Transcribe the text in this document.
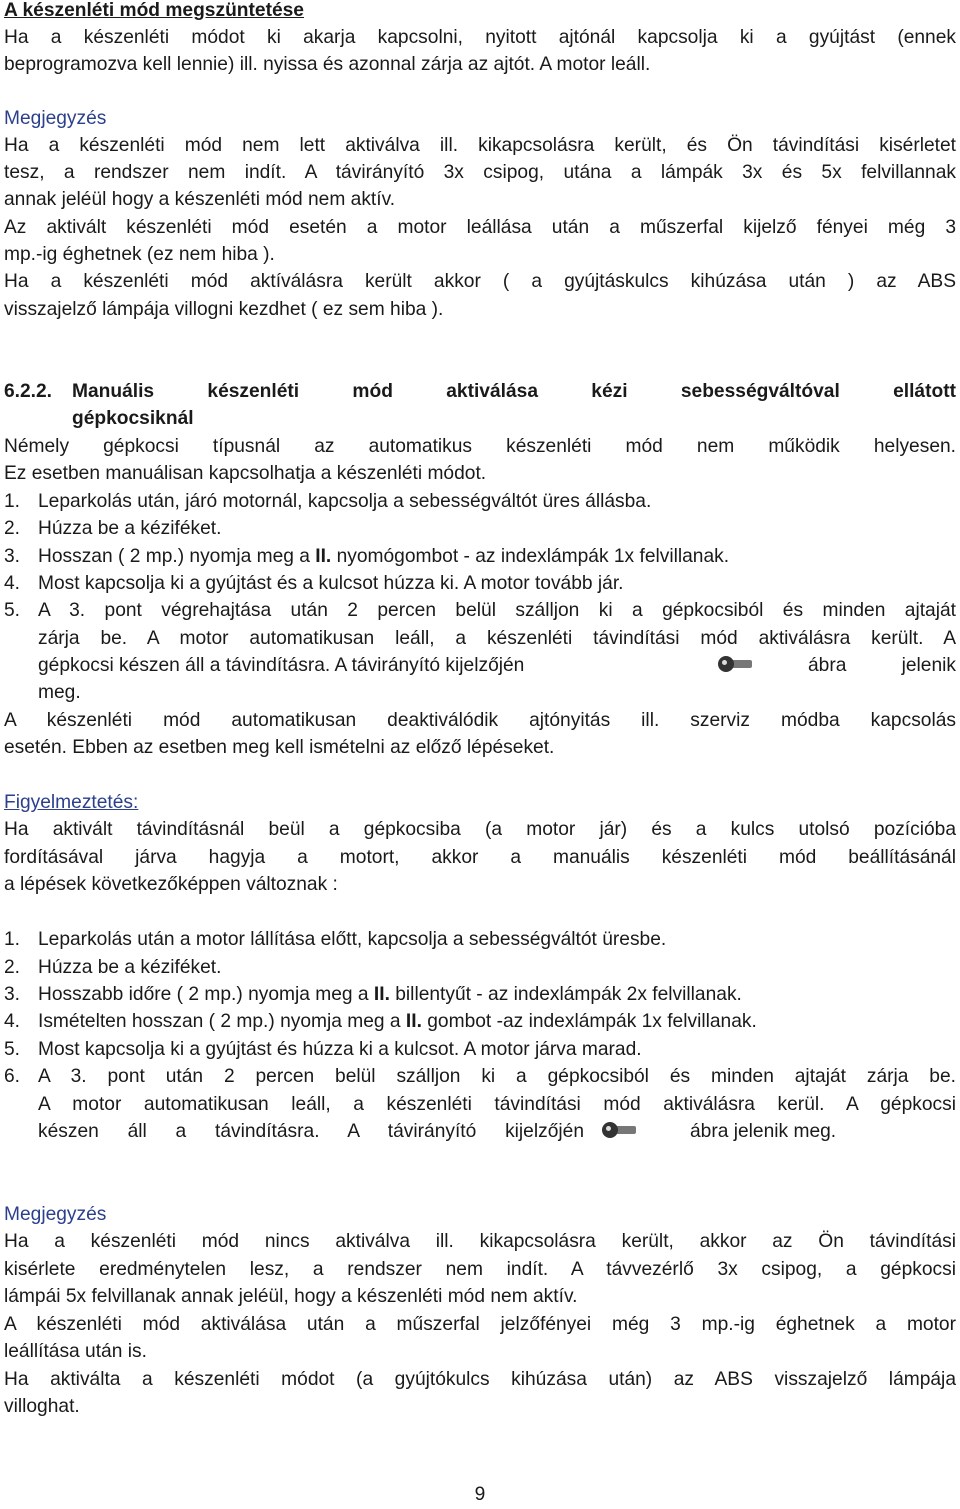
A készenléti mód megszüntetése
Ha a készenléti módot ki akarja kapcsolni, nyitott ajtónál kapcsolja ki a gyújtást (ennek
beprogramozva kell lennie) ill. nyissa és azonnal zárja az ajtót. A motor leáll.
Megjegyzés
Ha a készenléti mód nem lett aktiválva ill. kikapcsolásra került, és Ön távindítási kisérletet
tesz, a rendszer nem indít. A távirányító 3x csipog, utána a lámpák 3x és 5x felvillannak
annak jeléül hogy a készenléti mód nem aktív.
Az aktivált készenléti mód esetén a motor leállása után a műszerfal kijelző fényei még 3
mp.-ig éghetnek (ez nem hiba ).
Ha a készenléti mód aktíválásra került akkor ( a gyújtáskulcs kihúzása után ) az ABS
visszajelző lámpája villogni kezdhet ( ez sem hiba ).
6.2.2. Manuális készenléti mód aktiválása kézi sebességváltóval ellátott
gépkocsiknál
Némely gépkocsi típusnál az automatikus készenléti mód nem működik helyesen.
Ez esetben manuálisan kapcsolhatja a készenléti módot.
1. Leparkolás után, járó motornál, kapcsolja a sebességváltót üres állásba.
2. Húzza be a kéziféket.
3. Hosszan ( 2 mp.) nyomja meg a II. nyomógombot - az indexlámpák 1x felvillanak.
4. Most kapcsolja ki a gyújtást és a kulcsot húzza ki. A motor tovább jár.
5. A 3. pont végrehajtása után 2 percen belül szálljon ki a gépkocsiból és minden ajtaját
zárja be. A motor automatikusan leáll, a készenléti távindítási mód aktiválásra került. A
gépkocsi készen áll a távindításra. A távirányító kijelzőjén	ábra jelenik
meg.
A készenléti mód automatikusan deaktiválódik ajtónyitás ill. szerviz módba kapcsolás
esetén. Ebben az esetben meg kell ismételni az előző lépéseket.
Figyelmeztetés:
Ha aktivált távindításnál beül a gépkocsiba (a motor jár) és a kulcs utolsó pozícióba
fordításával járva hagyja a motort, akkor a manuális készenléti mód beállításánál
a lépések következőképpen változnak :
1. Leparkolás után a motor lállítása előtt, kapcsolja a sebességváltót üresbe.
2. Húzza be a kéziféket.
3. Hosszabb időre ( 2 mp.) nyomja meg a II. billentyűt - az indexlámpák 2x felvillanak.
4. Ismételten hosszan ( 2 mp.) nyomja meg a II. gombot -az indexlámpák 1x felvillanak.
5. Most kapcsolja ki a gyújtást és húzza ki a kulcsot. A motor járva marad.
6. A 3. pont után 2 percen belül szálljon ki a gépkocsiból és minden ajtaját zárja be.
A motor automatikusan leáll, a készenléti távindítási mód aktiválásra kerül. A gépkocsi
készen áll a távindításra. A távirányító kijelzőjén	ábra jelenik meg.
Megjegyzés
Ha a készenléti mód nincs aktiválva ill. kikapcsolásra került, akkor az Ön távindítási
kisérlete eredménytelen lesz, a rendszer nem indít. A távvezérlő 3x csipog, a gépkocsi
lámpái 5x felvillanak annak jeléül, hogy a készenléti mód nem aktív.
A készenléti mód aktiválása után a műszerfal jelzőfényei még 3 mp.-ig éghetnek a motor
leállítása után is.
Ha aktiválta a készenléti módot (a gyújtókulcs kihúzása után) az ABS visszajelző lámpája
villoghat.
9
